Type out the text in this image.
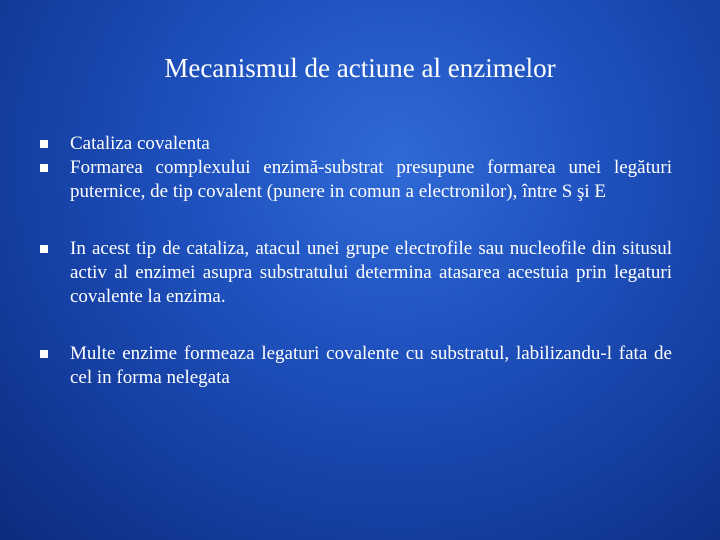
Mecanismul de actiune al enzimelor
Cataliza covalenta
Formarea complexului enzimă-substrat presupune formarea unei legături puternice, de tip covalent (punere in comun a electronilor), între S şi E
In acest tip de cataliza, atacul unei grupe electrofile sau nucleofile din situsul activ al enzimei asupra substratului determina atasarea acestuia prin legaturi covalente la enzima.
Multe enzime formeaza legaturi covalente cu substratul, labilizandu-l fata de cel in forma nelegata
